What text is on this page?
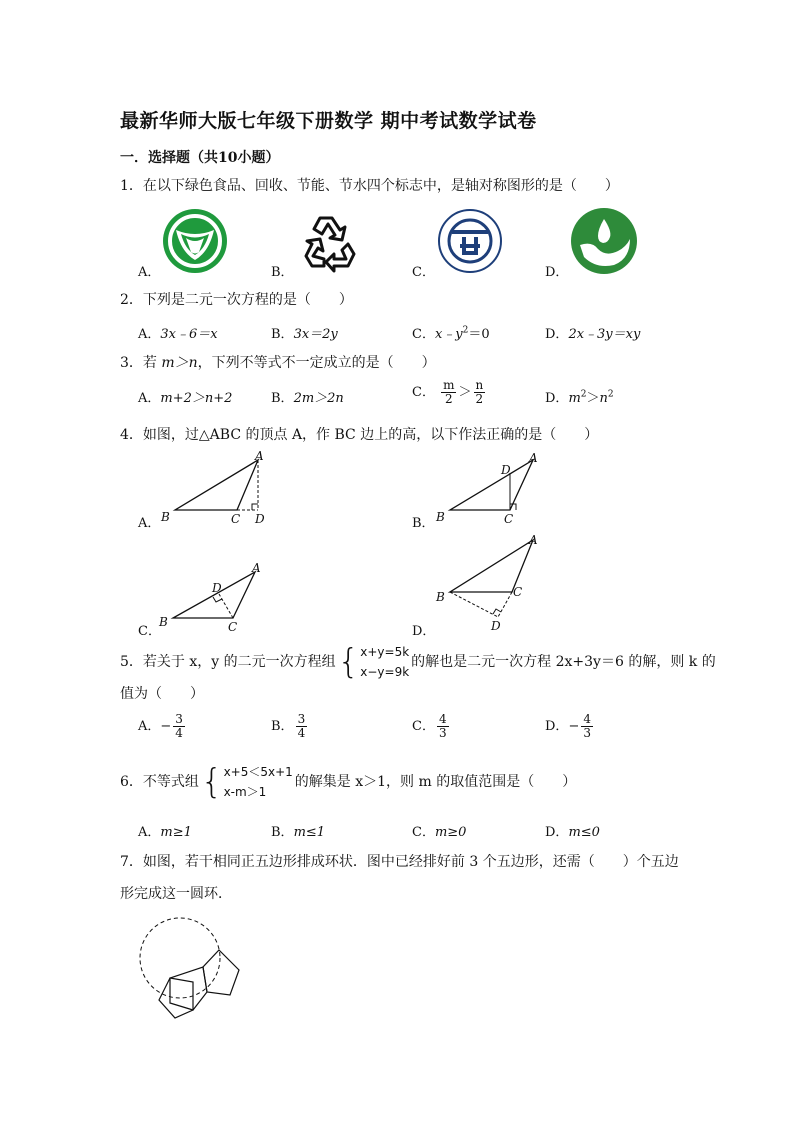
最新华师大版七年级下册数学 期中考试数学试卷
一．选择题（共10小题）
1．在以下绿色食品、回收、节能、节水四个标志中，是轴对称图形的是（　　）
A．	B．	C．	D．
2．下列是二元一次方程的是（　　）
A．3x﹣6＝x	B．3x＝2y	C．$x﹣y^2=0$	D．2x﹣3y＝xy
3．若 m＞n，下列不等式不一定成立的是（　　）
A．m+2＞n+2	B．2m＞2n	C． $\frac{m}{2} > \frac{n}{2}$	D．$m^2>n^2$
4．如图，过△ABC 的顶点 A，作 BC 边上的高，以下作法正确的是（　　）
A．
A
B	C D	B．
A
D
B	C
C．
A
D
B	C	D．
A
B	C
D
5．若关于 x，y 的二元一次方程组 { x+y=5k
x−y=9k
的解也是二元一次方程 2x+3y＝6 的解，则 k 的
值为（　　）
A．− $\frac{3}{4}$	B． $\frac{3}{4}$	C． $\frac{4}{3}$	D．− $\frac{4}{3}$
6．不等式组 { x+5＜5x+1
x-m＞1
的解集是 x＞1，则 m 的取值范围是（　　）
A．m≥1	B．m≤1	C．m≥0	D．m≤0
7．如图，若干相同正五边形排成环状．图中已经排好前 3 个五边形，还需（　　）个五边
形完成这一圆环．
